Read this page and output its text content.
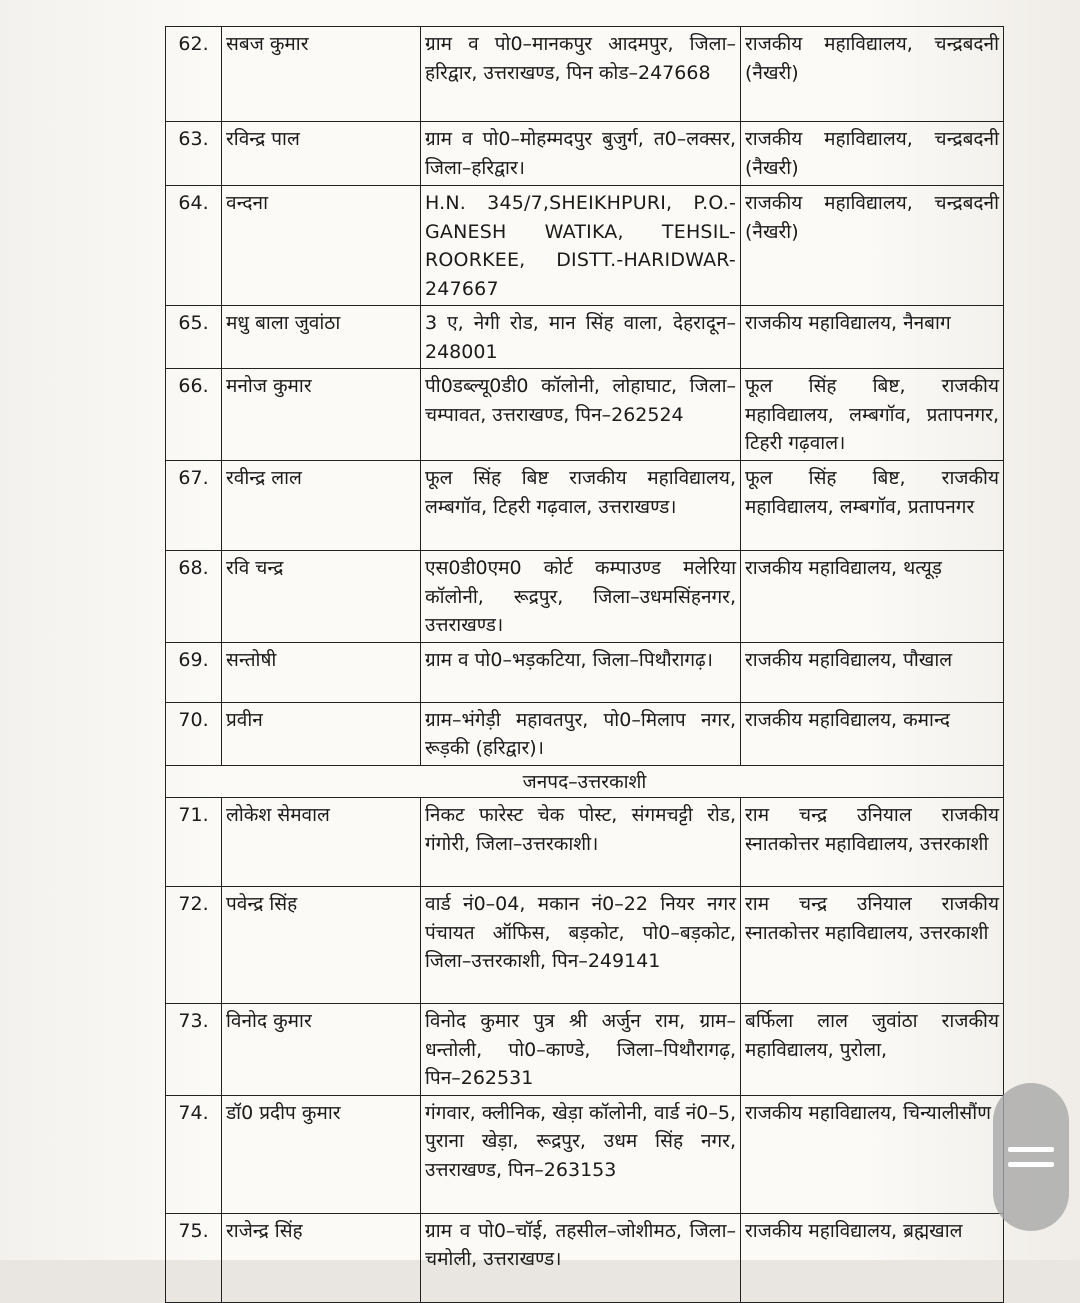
62.	सबज कुमार	ग्राम व पो0–मानकपुर आदमपुर, जिला–हरिद्वार, उत्तराखण्ड, पिन कोड–247668	राजकीय महाविद्यालय, चन्द्रबदनी (नैखरी)
63.	रविन्द्र पाल	ग्राम व पो0–मोहम्मदपुर बुजुर्ग, त0–लक्सर, जिला–हरिद्वार।	राजकीय महाविद्यालय, चन्द्रबदनी (नैखरी)
64.	वन्दना	H.N. 345/7,SHEIKHPURI, P.O.-GANESH WATIKA, TEHSIL-ROORKEE, DISTT.-HARIDWAR-247667	राजकीय महाविद्यालय, चन्द्रबदनी (नैखरी)
65.	मधु बाला जुवांठा	3 ए, नेगी रोड, मान सिंह वाला, देहरादून–248001	राजकीय महाविद्यालय, नैनबाग
66.	मनोज कुमार	पी0डब्ल्यू0डी0 कॉलोनी, लोहाघाट, जिला–चम्पावत, उत्तराखण्ड, पिन–262524	फूल सिंह बिष्ट, राजकीय महाविद्यालय, लम्बगॉव, प्रतापनगर, टिहरी गढ़वाल।
67.	रवीन्द्र लाल	फूल सिंह बिष्ट राजकीय महाविद्यालय, लम्बगॉव, टिहरी गढ़वाल, उत्तराखण्ड।	फूल सिंह बिष्ट, राजकीय महाविद्यालय, लम्बगॉव, प्रतापनगर
68.	रवि चन्द्र	एस0डी0एम0 कोर्ट कम्पाउण्ड मलेरिया कॉलोनी, रूद्रपुर, जिला–उधमसिंहनगर, उत्तराखण्ड।	राजकीय महाविद्यालय, थत्यूड़
69.	सन्तोषी	ग्राम व पो0–भड़कटिया, जिला–पिथौरागढ़।	राजकीय महाविद्यालय, पौखाल
70.	प्रवीन	ग्राम–भंगेड़ी महावतपुर, पो0–मिलाप नगर, रूड़की (हरिद्वार)।	राजकीय महाविद्यालय, कमान्द
जनपद–उत्तरकाशी			
71.	लोकेश सेमवाल	निकट फारेस्ट चेक पोस्ट, संगमचट्टी रोड, गंगोरी, जिला–उत्तरकाशी।	राम चन्द्र उनियाल राजकीय स्नातकोत्तर महाविद्यालय, उत्तरकाशी
72.	पवेन्द्र सिंह	वार्ड नं0–04, मकान नं0–22 नियर नगर पंचायत ऑफिस, बड़कोट, पो0–बड़कोट, जिला–उत्तरकाशी, पिन–249141	राम चन्द्र उनियाल राजकीय स्नातकोत्तर महाविद्यालय, उत्तरकाशी
73.	विनोद कुमार	विनोद कुमार पुत्र श्री अर्जुन राम, ग्राम–धन्तोली, पो0–काण्डे, जिला–पिथौरागढ़, पिन–262531	बर्फिला लाल जुवांठा राजकीय महाविद्यालय, पुरोला,
74.	डॉ0 प्रदीप कुमार	गंगवार, क्लीनिक, खेड़ा कॉलोनी, वार्ड नं0–5, पुराना खेड़ा, रूद्रपुर, उधम सिंह नगर, उत्तराखण्ड, पिन–263153	राजकीय महाविद्यालय, चिन्यालीसौंण
75.	राजेन्द्र सिंह	ग्राम व पो0–चॉई, तहसील–जोशीमठ, जिला–चमोली, उत्तराखण्ड।	राजकीय महाविद्यालय, ब्रह्मखाल
